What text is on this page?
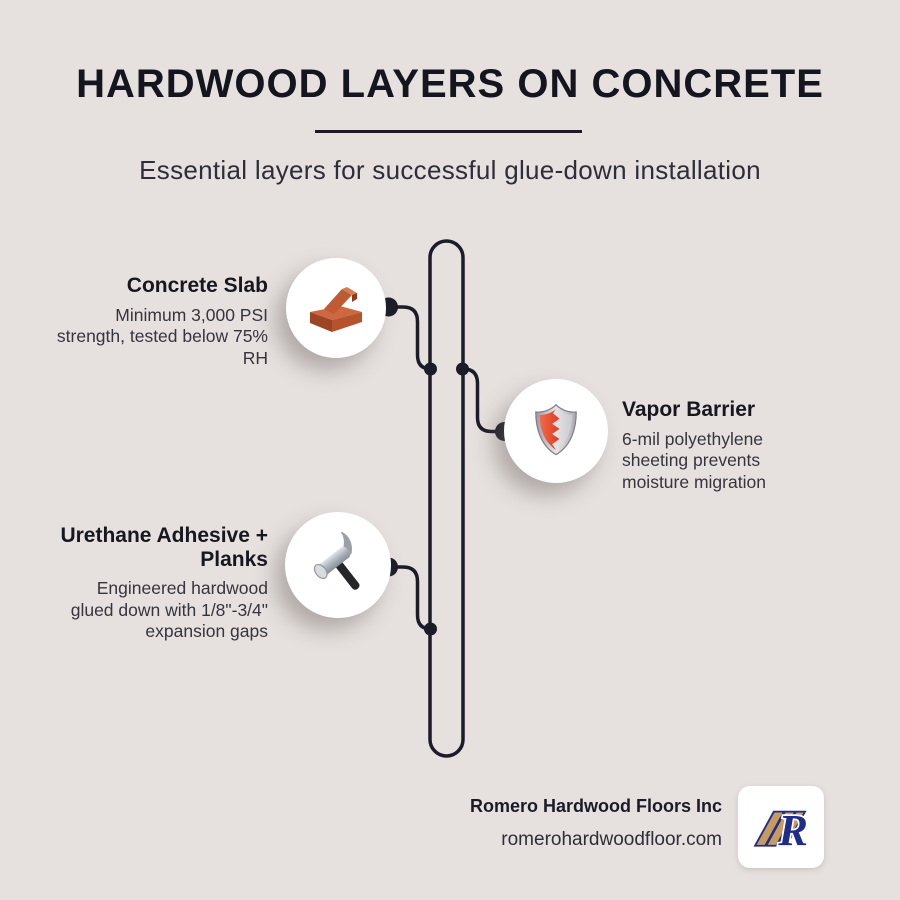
HARDWOOD LAYERS ON CONCRETE

Essential layers for successful glue-down installation

Concrete Slab

Minimum 3,000 PSI
strength, tested below 75%
RH

Vapor Barrier

6-mil polyethylene
sheeting prevents
moisture migration

Urethane Adhesive +
Planks

Engineered hardwood
glued down with 1/8"-3/4"
expansion gaps

Romero Hardwood Floors Inc

romerohardwoodfloor.com R
